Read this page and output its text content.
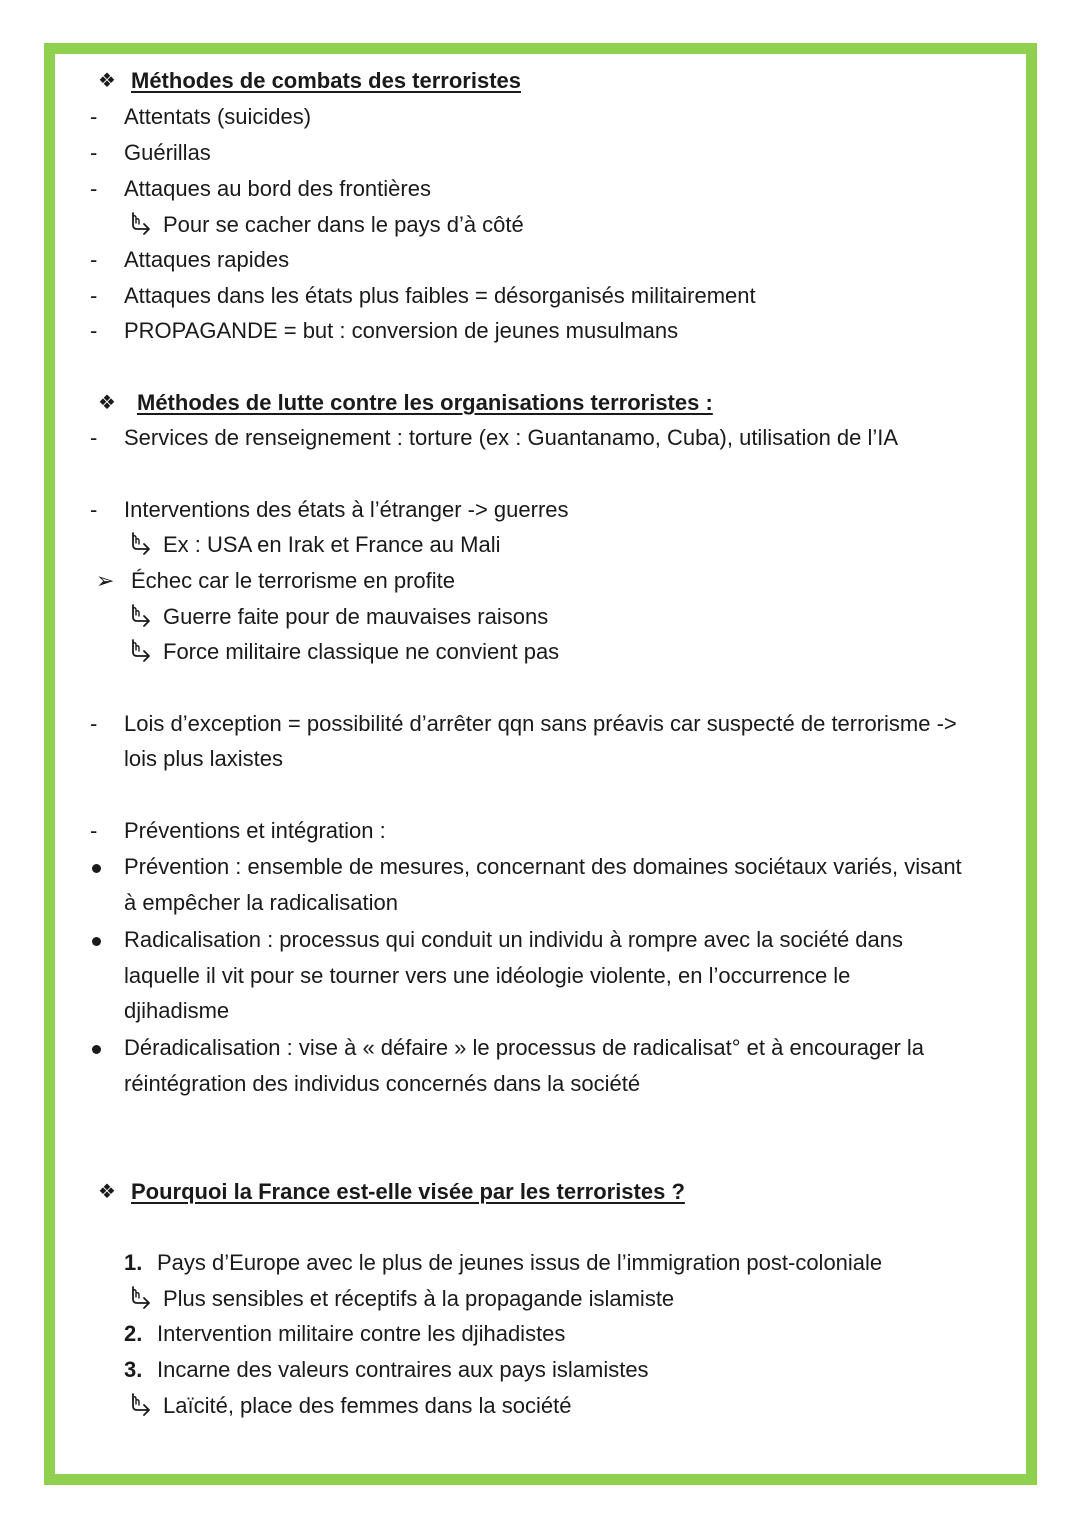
❖ Méthodes de combats des terroristes
- Attentats (suicides)
- Guérillas
- Attaques au bord des frontières
Pour se cacher dans le pays d’à côté
- Attaques rapides
- Attaques dans les états plus faibles = désorganisés militairement
- PROPAGANDE = but : conversion de jeunes musulmans
❖ Méthodes de lutte contre les organisations terroristes :
- Services de renseignement : torture (ex : Guantanamo, Cuba), utilisation de l’IA
- Interventions des états à l’étranger -> guerres
Ex : USA en Irak et France au Mali
➢ Échec car le terrorisme en profite
Guerre faite pour de mauvaises raisons
Force militaire classique ne convient pas
- Lois d’exception = possibilité d’arrêter qqn sans préavis car suspecté de terrorisme ->
lois plus laxistes
- Préventions et intégration :
Prévention : ensemble de mesures, concernant des domaines sociétaux variés, visant
à empêcher la radicalisation
Radicalisation : processus qui conduit un individu à rompre avec la société dans
laquelle il vit pour se tourner vers une idéologie violente, en l’occurrence le
djihadisme
Déradicalisation : vise à « défaire » le processus de radicalisat° et à encourager la
réintégration des individus concernés dans la société
❖ Pourquoi la France est-elle visée par les terroristes ?
1. Pays d’Europe avec le plus de jeunes issus de l’immigration post-coloniale
Plus sensibles et réceptifs à la propagande islamiste
2. Intervention militaire contre les djihadistes
3. Incarne des valeurs contraires aux pays islamistes
Laïcité, place des femmes dans la société
